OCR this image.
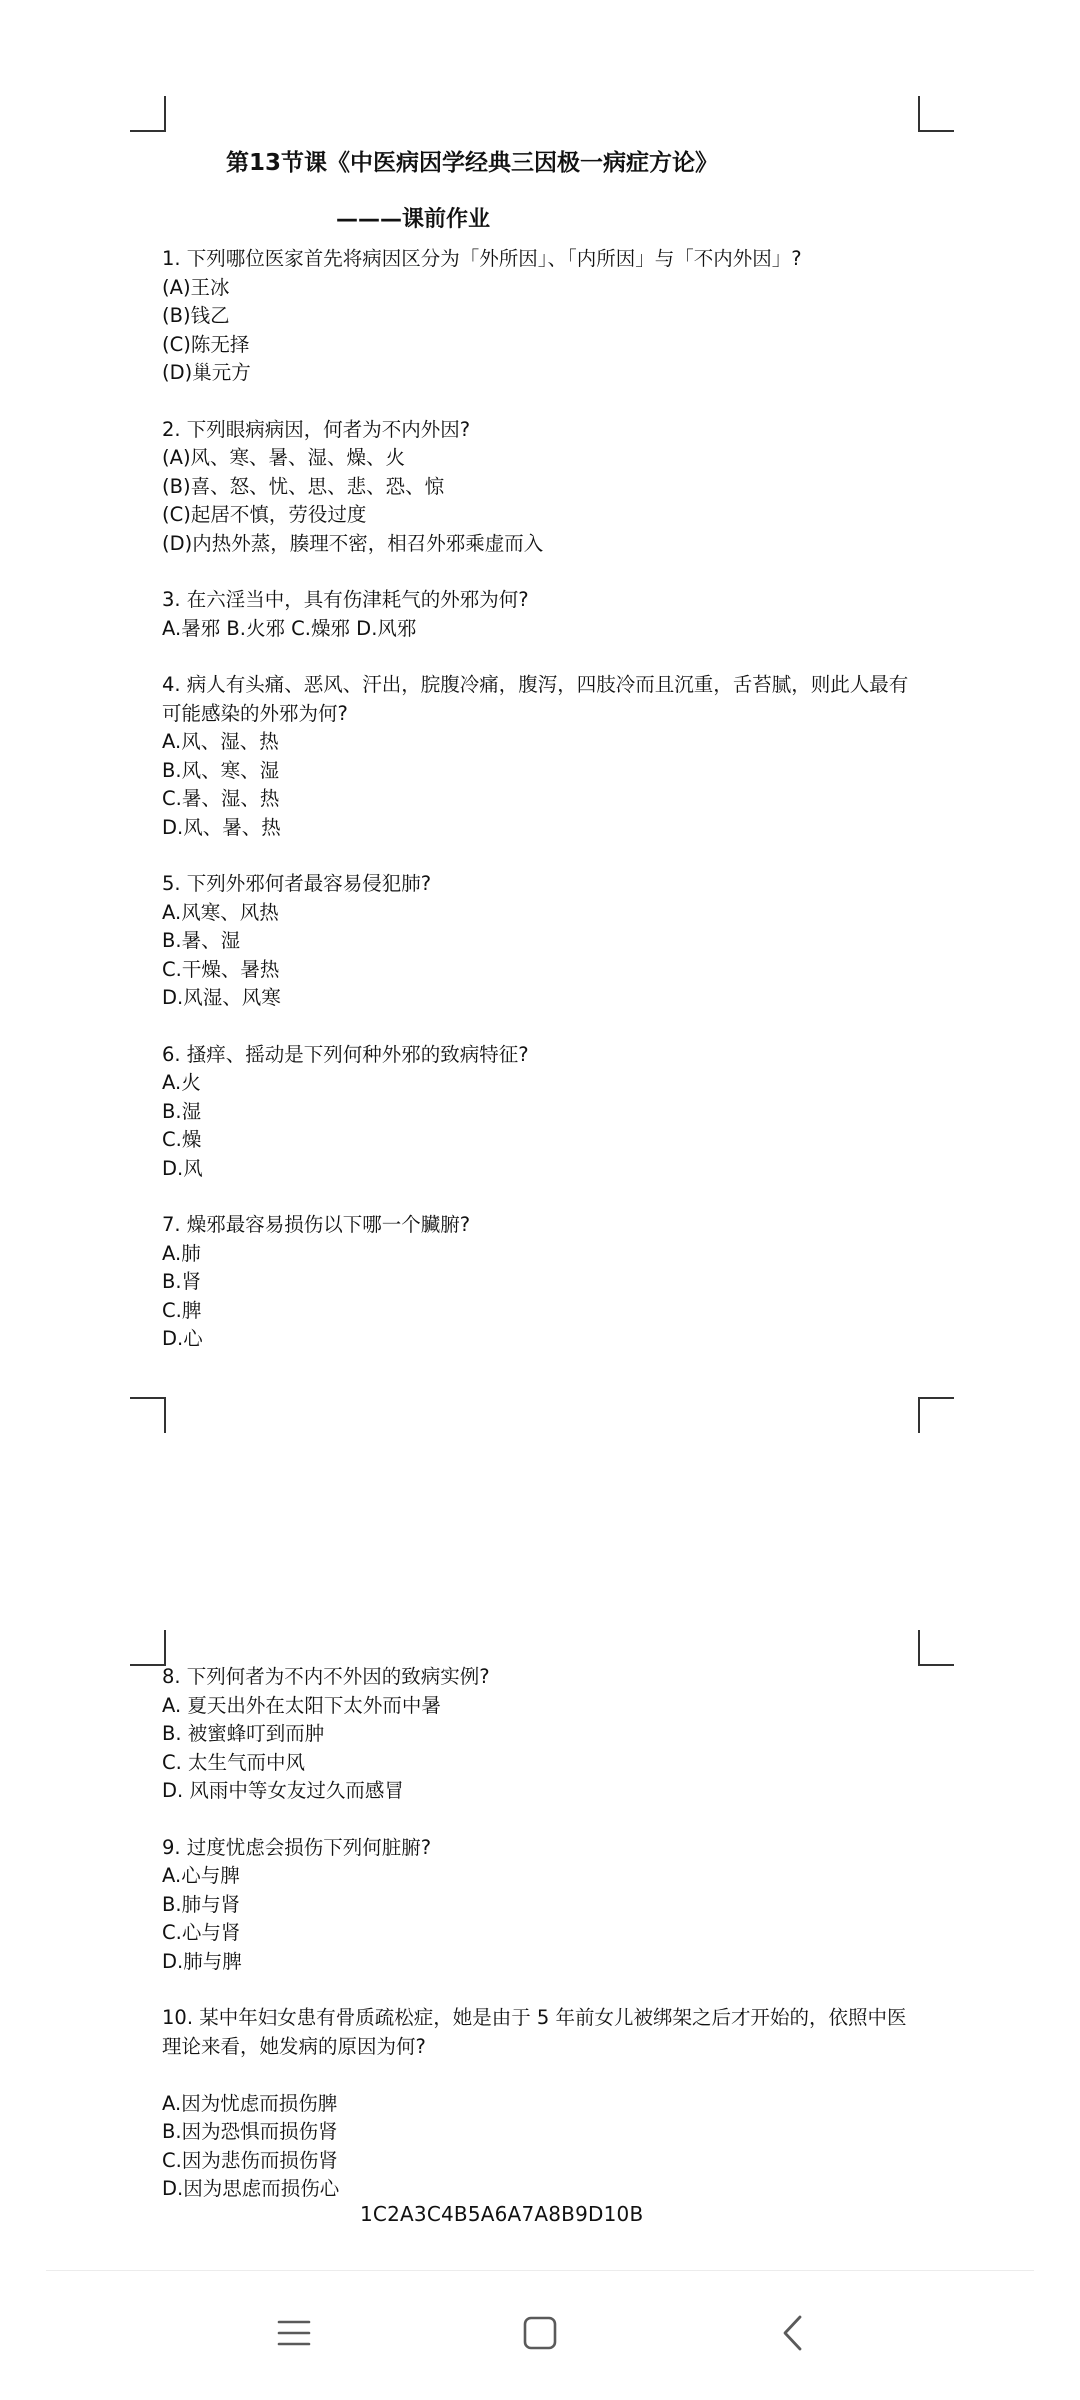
第13节课《中医病因学经典三因极一病症方论》
———课前作业

1. 下列哪位医家首先将病因区分为「外所因」、「内所因」与「不内外因」?

(A)王冰

(B)钱乙

(C)陈无择

(D)巢元方

2. 下列眼病病因，何者为不内外因?

(A)风、寒、暑、湿、燥、火

(B)喜、怒、忧、思、悲、恐、惊

(C)起居不慎，劳役过度

(D)内热外蒸，腠理不密，相召外邪乘虚而入

3. 在六淫当中，具有伤津耗气的外邪为何?

A.暑邪 B.火邪 C.燥邪 D.风邪

4. 病人有头痛、恶风、汗出，脘腹冷痛，腹泻，四肢冷而且沉重，舌苔腻，则此人最有可能感染的外邪为何?

A.风、湿、热

B.风、寒、湿

C.暑、湿、热

D.风、暑、热

5. 下列外邪何者最容易侵犯肺?

A.风寒、风热

B.暑、湿

C.干燥、暑热

D.风湿、风寒

6. 搔痒、摇动是下列何种外邪的致病特征?

A.火

B.湿

C.燥

D.风

7. 燥邪最容易损伤以下哪一个臟腑?

A.肺

B.肾

C.脾

D.心

8. 下列何者为不内不外因的致病实例?

A. 夏天出外在太阳下太外而中暑

B. 被蜜蜂叮到而肿

C. 太生气而中风

D. 风雨中等女友过久而感冒

9. 过度忧虑会损伤下列何脏腑?

A.心与脾

B.肺与肾

C.心与肾

D.肺与脾

10. 某中年妇女患有骨质疏松症，她是由于 5 年前女儿被绑架之后才开始的，依照中医理论来看，她发病的原因为何?

A.因为忧虑而损伤脾

B.因为恐惧而损伤肾

C.因为悲伤而损伤肾

D.因为思虑而损伤心

1C2A3C4B5A6A7A8B9D10B
